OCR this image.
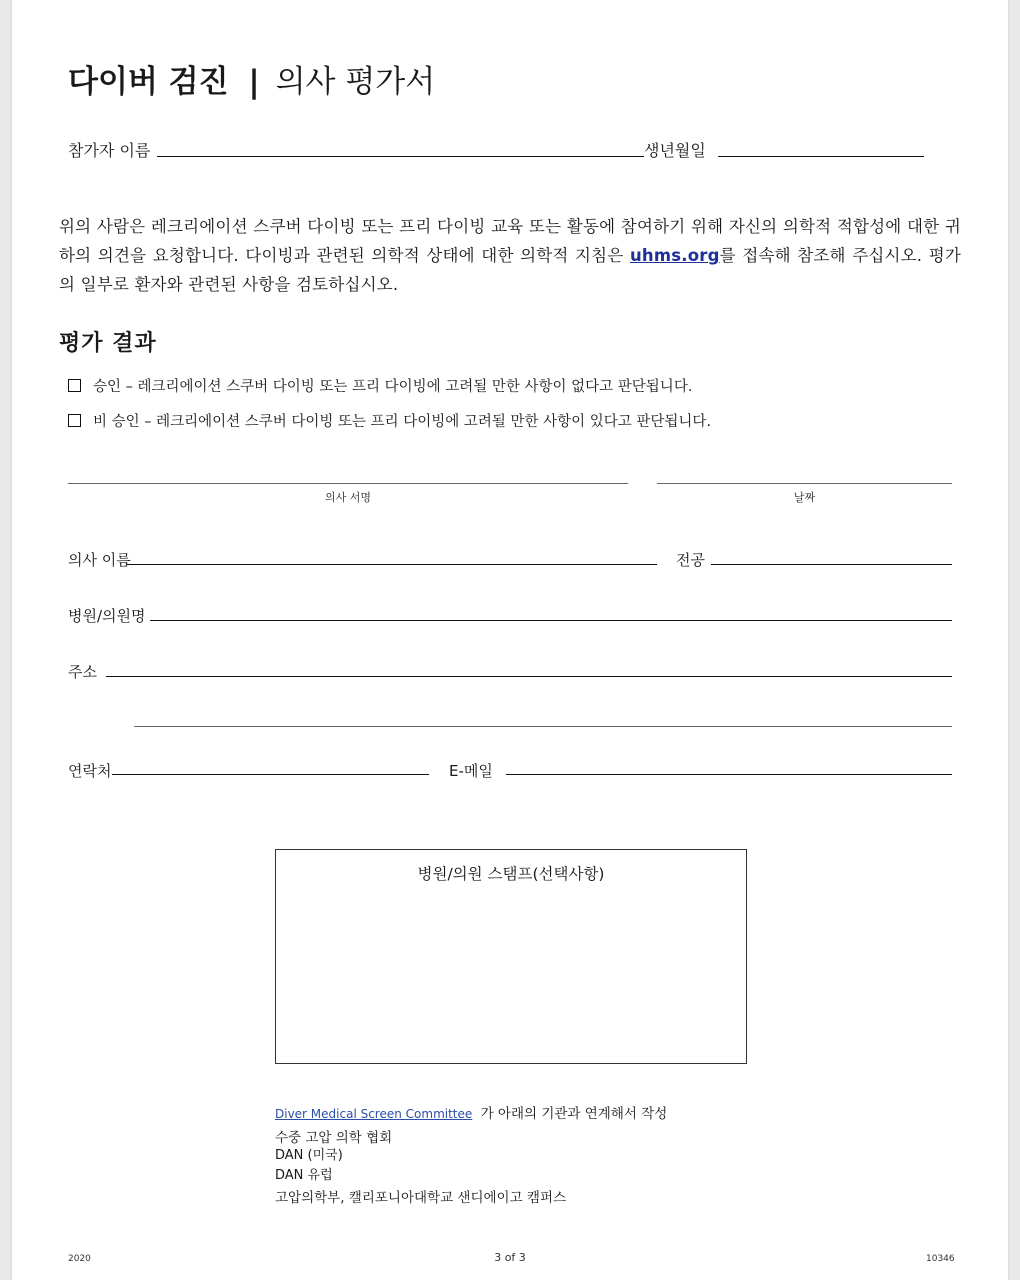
다이버 검진 | 의사 평가서
참가자 이름	생년월일
위의 사람은 레크리에이션 스쿠버 다이빙 또는 프리 다이빙 교육 또는 활동에 참여하기 위해 자신의 의학적 적합성에 대한 귀하의 의견을 요청합니다. 다이빙과 관련된 의학적 상태에 대한 의학적 지침은 uhms.org를 접속해 참조해 주십시오. 평가의 일부로 환자와 관련된 사항을 검토하십시오.
평가 결과
승인 – 레크리에이션 스쿠버 다이빙 또는 프리 다이빙에 고려될 만한 사항이 없다고 판단됩니다.
비 승인 – 레크리에이션 스쿠버 다이빙 또는 프리 다이빙에 고려될 만한 사항이 있다고 판단됩니다.
의사 서명	날짜
의사 이름	전공
병원/의원명
주소
연락처	E-메일
병원/의원 스탬프(선택사항)
Diver Medical Screen Committee 가 아래의 기관과 연계해서 작성
수중 고압 의학 협회
DAN (미국)
DAN 유럽
고압의학부, 캘리포니아대학교 샌디에이고 캠퍼스
2020	3 of 3	10346
